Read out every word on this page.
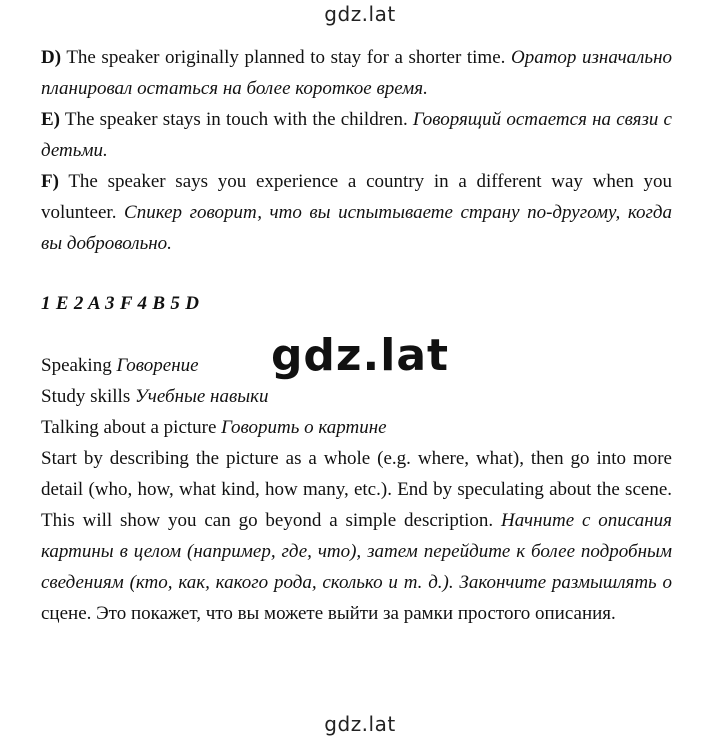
gdz.lat
gdz.lat
gdz.lat

D) The speaker originally planned to stay for a shorter time. Оратор изначально планировал остаться на более короткое время.

E) The speaker stays in touch with the children. Говорящий остается на связи с детьми.

F) The speaker says you experience a country in a different way when you volunteer. Спикер говорит, что вы испытываете страну по-другому, когда вы добровольно.

1 E 2 A 3 F 4 B 5 D

Speaking Говорение

Study skills Учебные навыки

Talking about a picture Говорить о картине

Start by describing the picture as a whole (e.g. where, what), then go into more detail (who, how, what kind, how many, etc.). End by speculating about the scene. This will show you can go beyond a simple description. Начните с описания картины в целом (например, где, что), затем перейдите к более подробным сведениям (кто, как, какого рода, сколько и т. д.). Закончите размышлять о сцене. Это покажет, что вы можете выйти за рамки простого описания.
